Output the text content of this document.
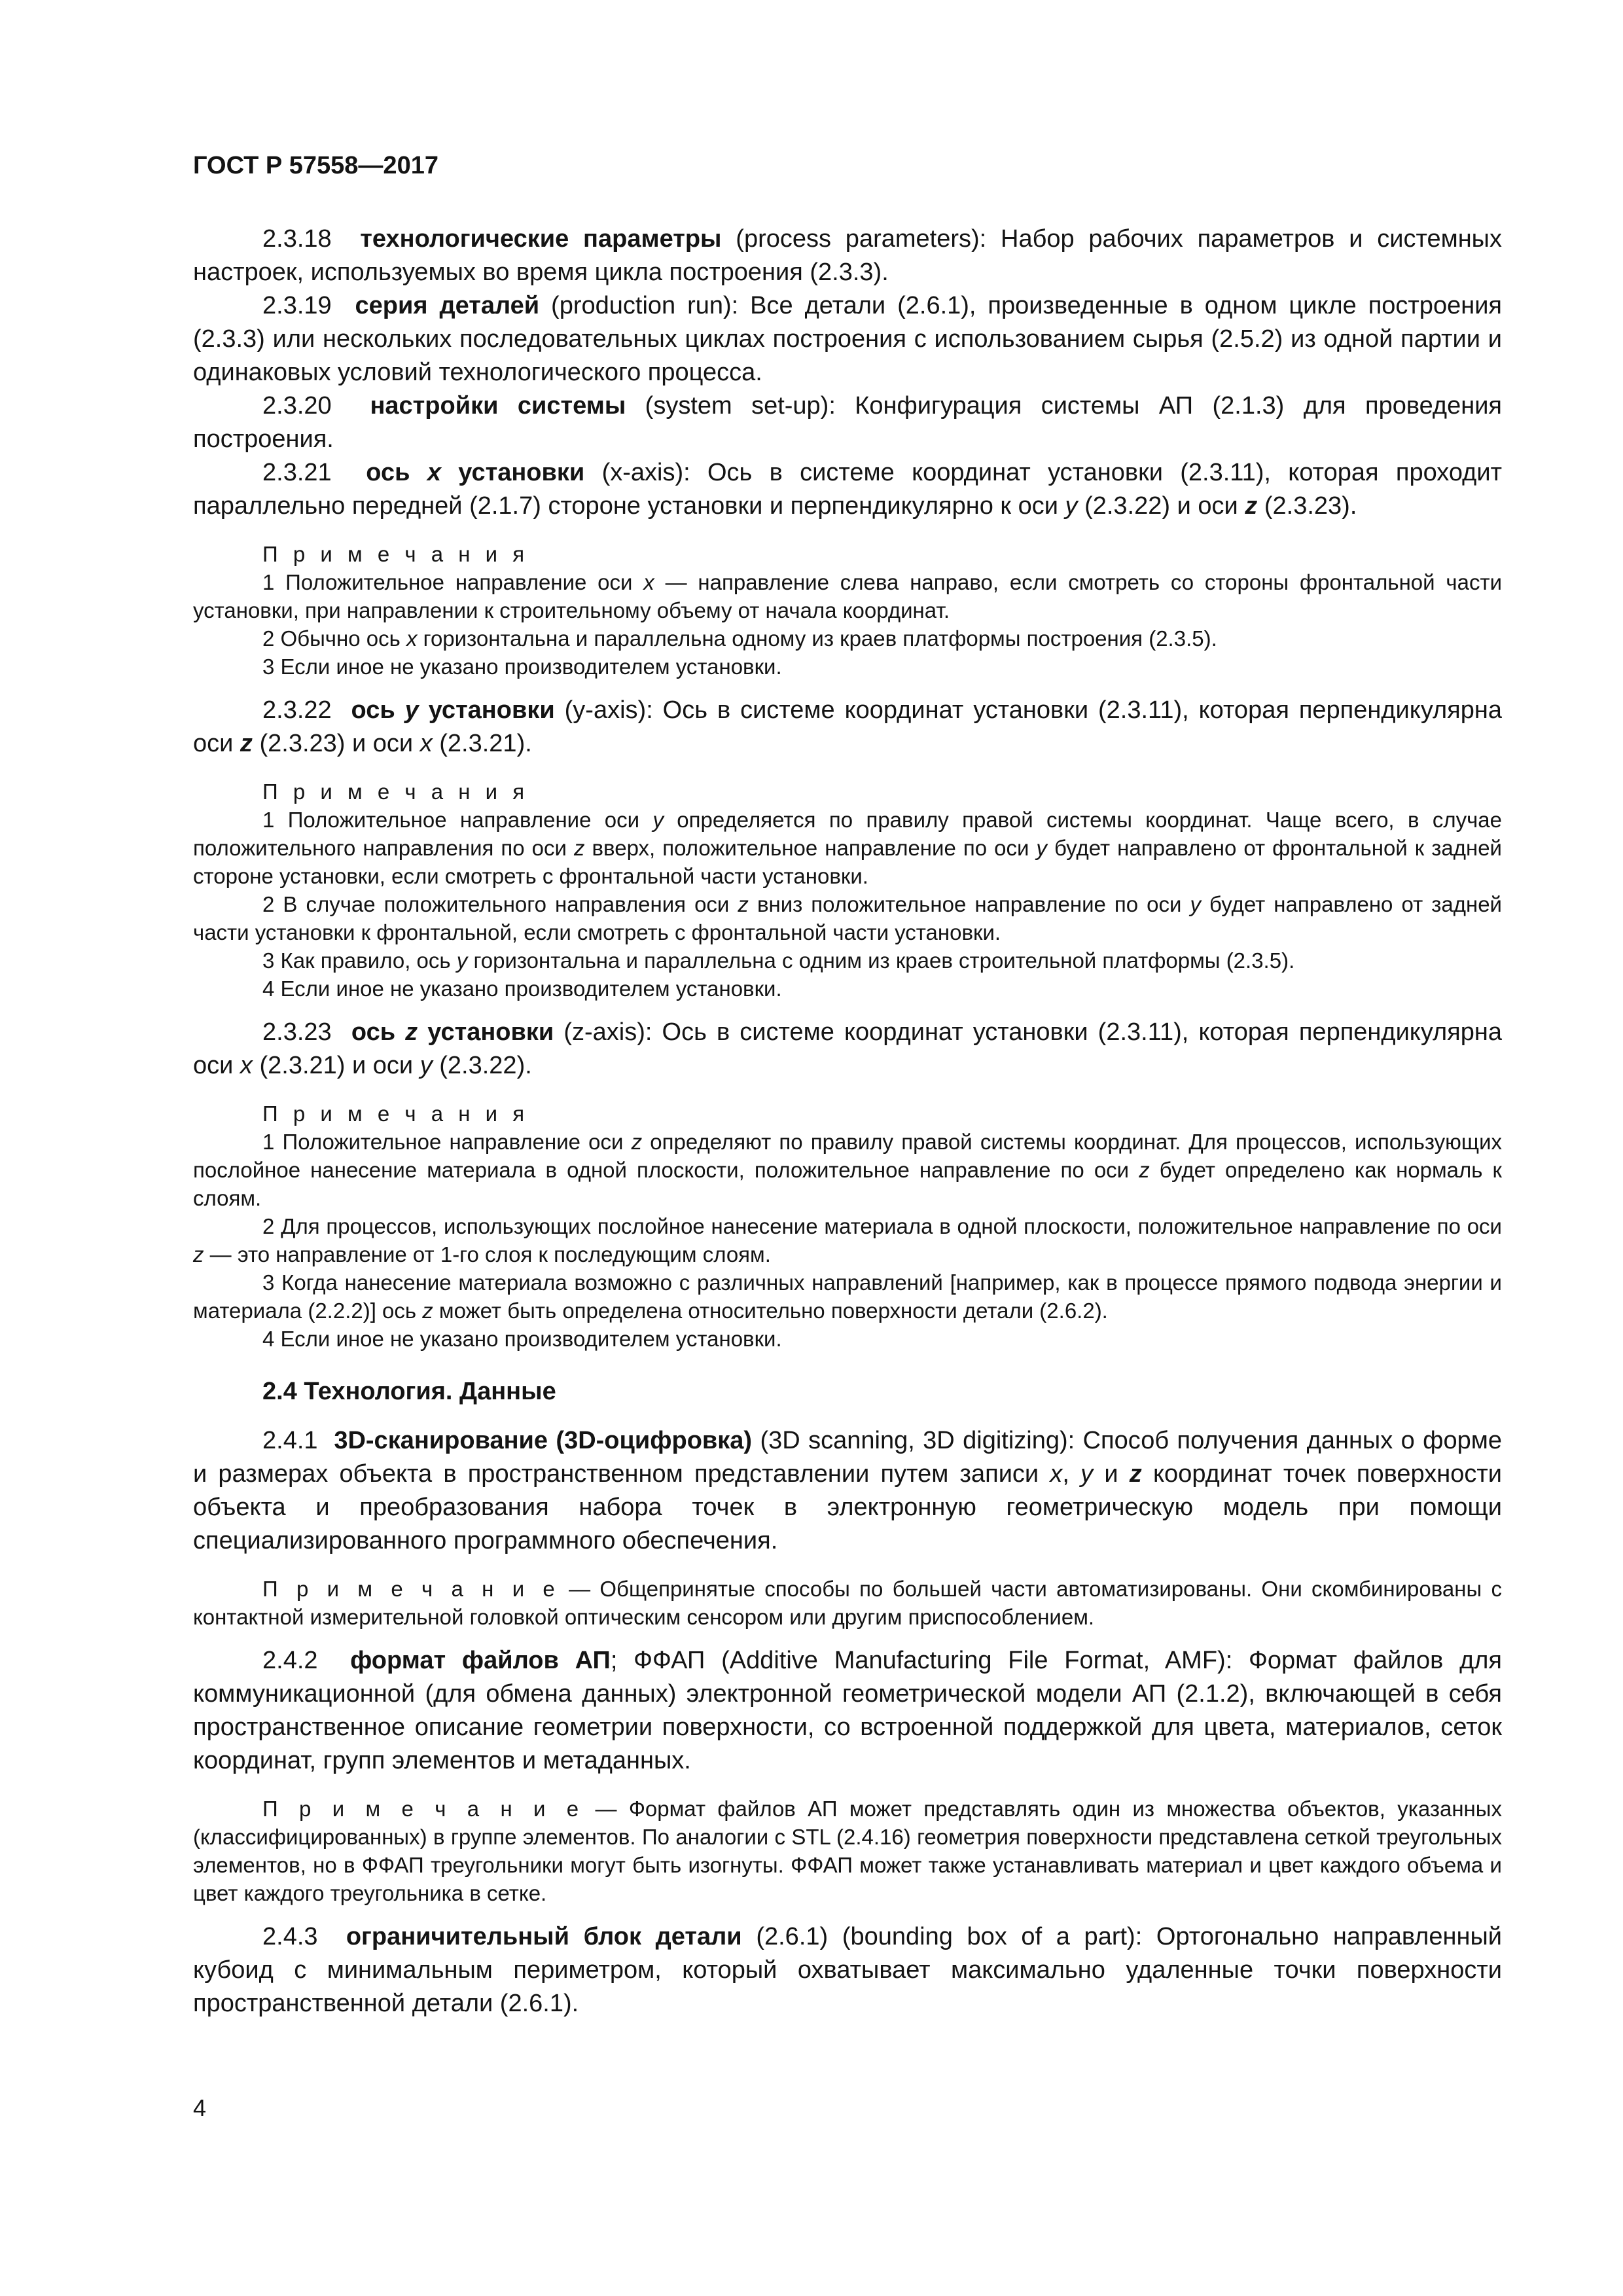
ГОСТ Р 57558—2017

2.3.18 технологические параметры (process parameters): Набор рабочих параметров и системных настроек, используемых во время цикла построения (2.3.3).

2.3.19 серия деталей (production run): Все детали (2.6.1), произведенные в одном цикле построения (2.3.3) или нескольких последовательных циклах построения с использованием сырья (2.5.2) из одной партии и одинаковых условий технологического процесса.

2.3.20 настройки системы (system set-up): Конфигурация системы АП (2.1.3) для проведения построения.

2.3.21 ось x установки (x-axis): Ось в системе координат установки (2.3.11), которая проходит параллельно передней (2.1.7) стороне установки и перпендикулярно к оси y (2.3.22) и оси z (2.3.23).

П р и м е ч а н и я

1 Положительное направление оси x — направление слева направо, если смотреть со стороны фронтальной части установки, при направлении к строительному объему от начала координат.

2 Обычно ось x горизонтальна и параллельна одному из краев платформы построения (2.3.5).

3 Если иное не указано производителем установки.

2.3.22 ось y установки (y-axis): Ось в системе координат установки (2.3.11), которая перпендикулярна оси z (2.3.23) и оси x (2.3.21).

П р и м е ч а н и я

1 Положительное направление оси y определяется по правилу правой системы координат. Чаще всего, в случае положительного направления по оси z вверх, положительное направление по оси y будет направлено от фронтальной к задней стороне установки, если смотреть с фронтальной части установки.

2 В случае положительного направления оси z вниз положительное направление по оси y будет направлено от задней части установки к фронтальной, если смотреть с фронтальной части установки.

3 Как правило, ось y горизонтальна и параллельна с одним из краев строительной платформы (2.3.5).

4 Если иное не указано производителем установки.

2.3.23 ось z установки (z-axis): Ось в системе координат установки (2.3.11), которая перпендикулярна оси x (2.3.21) и оси y (2.3.22).

П р и м е ч а н и я

1 Положительное направление оси z определяют по правилу правой системы координат. Для процессов, использующих послойное нанесение материала в одной плоскости, положительное направление по оси z будет определено как нормаль к слоям.

2 Для процессов, использующих послойное нанесение материала в одной плоскости, положительное направление по оси z — это направление от 1-го слоя к последующим слоям.

3 Когда нанесение материала возможно с различных направлений [например, как в процессе прямого подвода энергии и материала (2.2.2)] ось z может быть определена относительно поверхности детали (2.6.2).

4 Если иное не указано производителем установки.

2.4 Технология. Данные

2.4.1 3D-сканирование (3D-оцифровка) (3D scanning, 3D digitizing): Способ получения данных о форме и размерах объекта в пространственном представлении путем записи x, y и z координат точек поверхности объекта и преобразования набора точек в электронную геометрическую модель при помощи специализированного программного обеспечения.

П р и м е ч а н и е — Общепринятые способы по большей части автоматизированы. Они скомбинированы с контактной измерительной головкой оптическим сенсором или другим приспособлением.

2.4.2 формат файлов АП; ФФАП (Additive Manufacturing File Format, AMF): Формат файлов для коммуникационной (для обмена данных) электронной геометрической модели АП (2.1.2), включающей в себя пространственное описание геометрии поверхности, со встроенной поддержкой для цвета, материалов, сеток координат, групп элементов и метаданных.

П р и м е ч а н и е — Формат файлов АП может представлять один из множества объектов, указанных (классифицированных) в группе элементов. По аналогии с STL (2.4.16) геометрия поверхности представлена сеткой треугольных элементов, но в ФФАП треугольники могут быть изогнуты. ФФАП может также устанавливать материал и цвет каждого объема и цвет каждого треугольника в сетке.

2.4.3 ограничительный блок детали (2.6.1) (bounding box of a part): Ортогонально направленный кубоид с минимальным периметром, который охватывает максимально удаленные точки поверхности пространственной детали (2.6.1).

4
